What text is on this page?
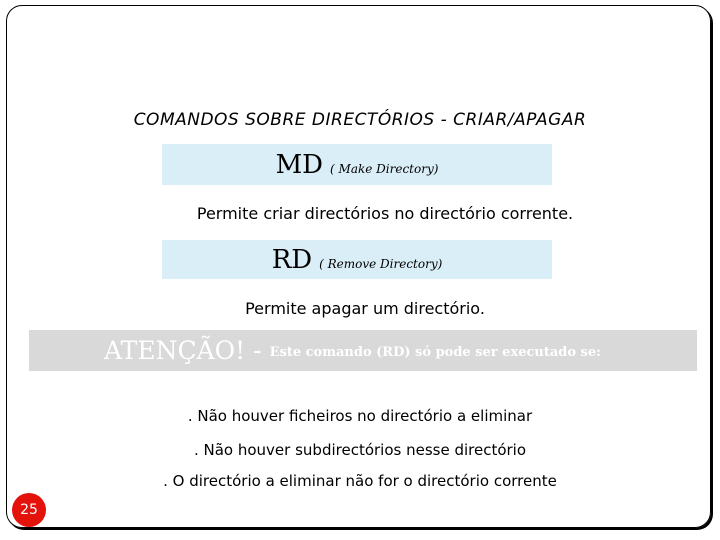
COMANDOS SOBRE DIRECTÓRIOS - CRIAR/APAGAR
MD ( Make Directory)
Permite criar directórios no directório corrente.
RD ( Remove Directory)
Permite apagar um directório.
ATENÇÃO! - Este comando (RD) só pode ser executado se:
. Não houver ficheiros no directório a eliminar
. Não houver subdirectórios nesse directório
. O directório a eliminar não for o directório corrente
25
